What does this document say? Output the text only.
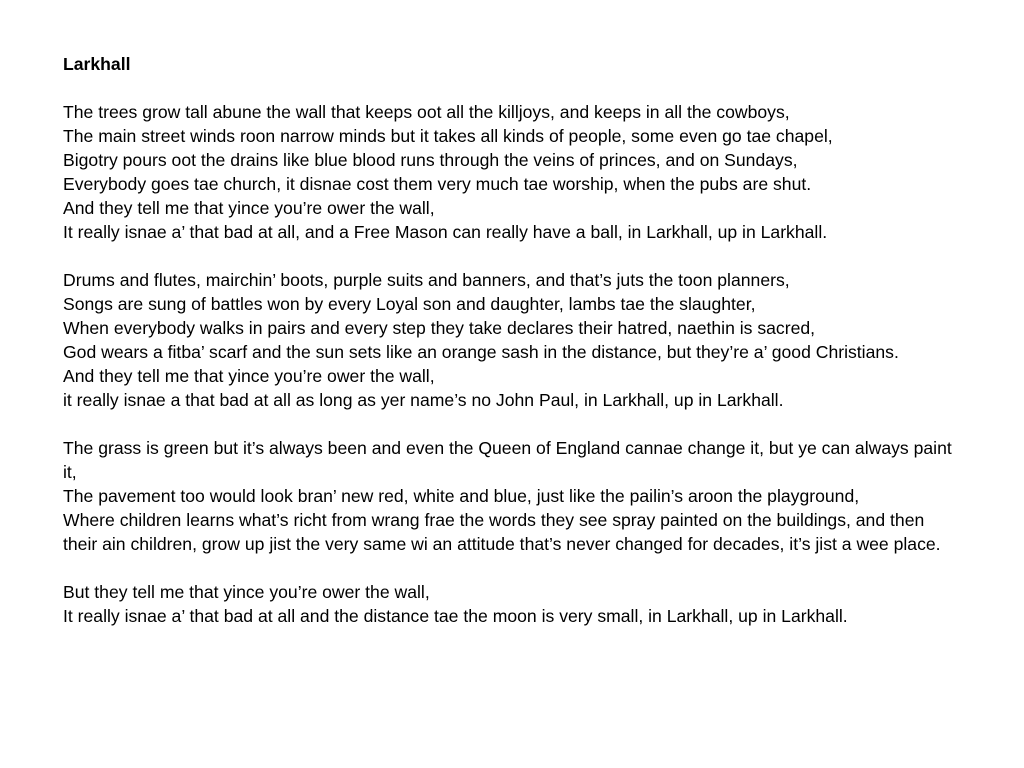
Larkhall
The trees grow tall abune the wall that keeps oot all the killjoys, and keeps in all the cowboys,
The main street winds roon narrow minds but it takes all kinds of people, some even go tae chapel,
Bigotry pours oot the drains like blue blood runs through the veins of princes, and on Sundays,
Everybody goes tae church, it disnae cost them very much tae worship, when the pubs are shut.
And they tell me that yince you’re ower the wall,
It really isnae a’ that bad at all, and a Free Mason can really have a ball, in Larkhall, up in Larkhall.
Drums and flutes, mairchin’ boots, purple suits and banners, and that’s juts the toon planners,
Songs are sung of battles won by every Loyal son and daughter, lambs tae the slaughter,
When everybody walks in pairs and every step they take declares their hatred, naethin is sacred,
God wears a fitba’ scarf and the sun sets like an orange sash in the distance, but they’re a’ good Christians.
And they tell me that yince you’re ower the wall,
it really isnae a that bad at all as long as yer name’s no John Paul, in Larkhall, up in Larkhall.
The grass is green but it’s always been and even the Queen of England cannae change it, but ye can always paint it,
The pavement too would look bran’ new red, white and blue, just like the pailin’s aroon the playground,
Where children learns what’s richt from wrang frae the words they see spray painted on the buildings, and then their ain children, grow up jist the very same wi an attitude that’s never changed for decades, it’s jist a wee place.
But they tell me that yince you’re ower the wall,
It really isnae a’ that bad at all and the distance tae the moon is very small, in Larkhall, up in Larkhall.
